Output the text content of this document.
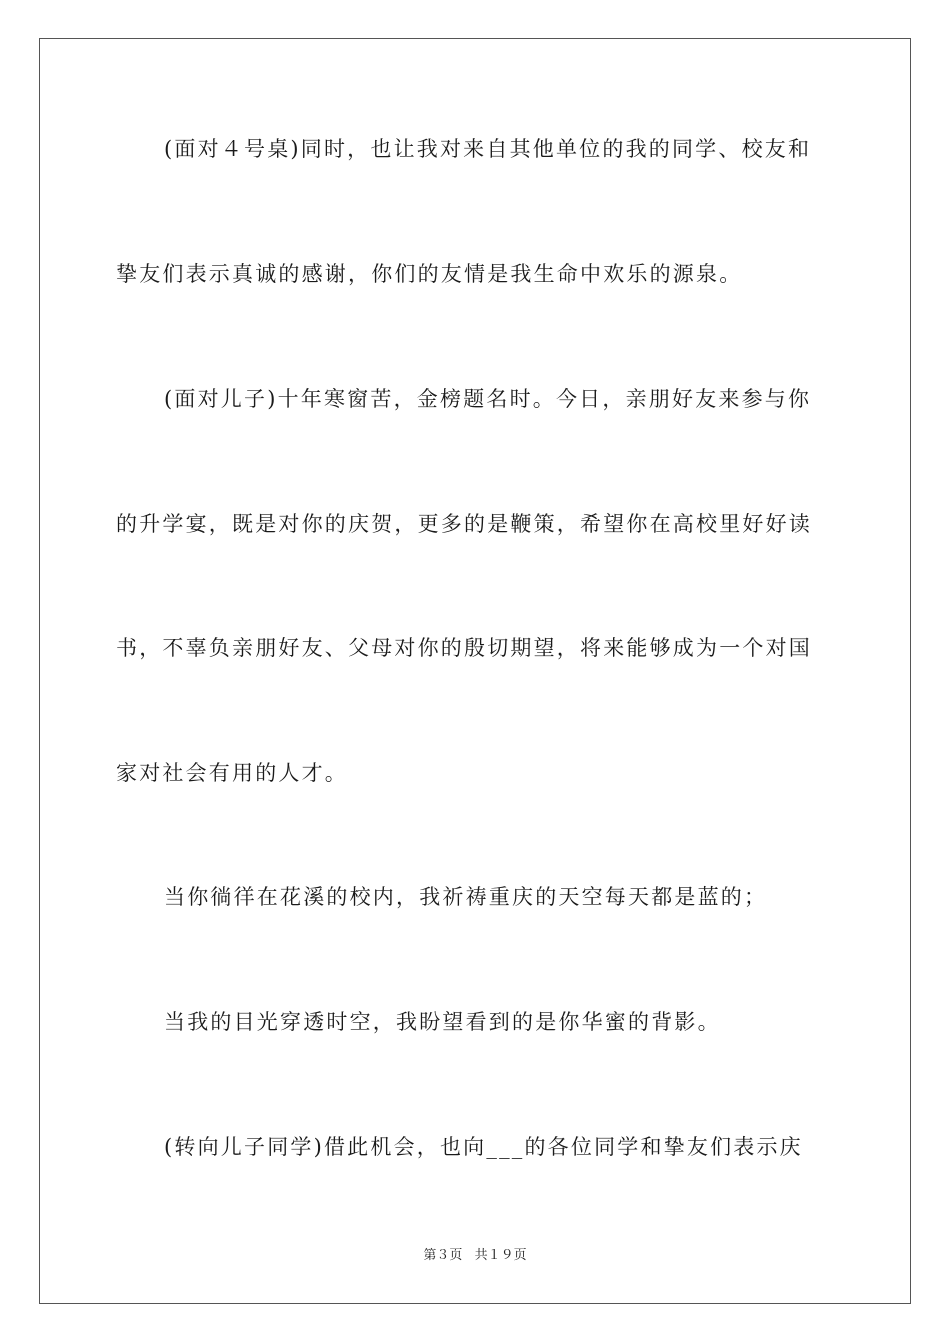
(面对４号桌)同时，也让我对来自其他单位的我的同学、校友和
挚友们表示真诚的感谢，你们的友情是我生命中欢乐的源泉。
(面对儿子)十年寒窗苦，金榜题名时。今日，亲朋好友来参与你
的升学宴，既是对你的庆贺，更多的是鞭策，希望你在高校里好好读
书，不辜负亲朋好友、父母对你的殷切期望，将来能够成为一个对国
家对社会有用的人才。
当你徜徉在花溪的校内，我祈祷重庆的天空每天都是蓝的；
当我的目光穿透时空，我盼望看到的是你华蜜的背影。
(转向儿子同学)借此机会，也向___的各位同学和挚友们表示庆
第３页 共１９页
